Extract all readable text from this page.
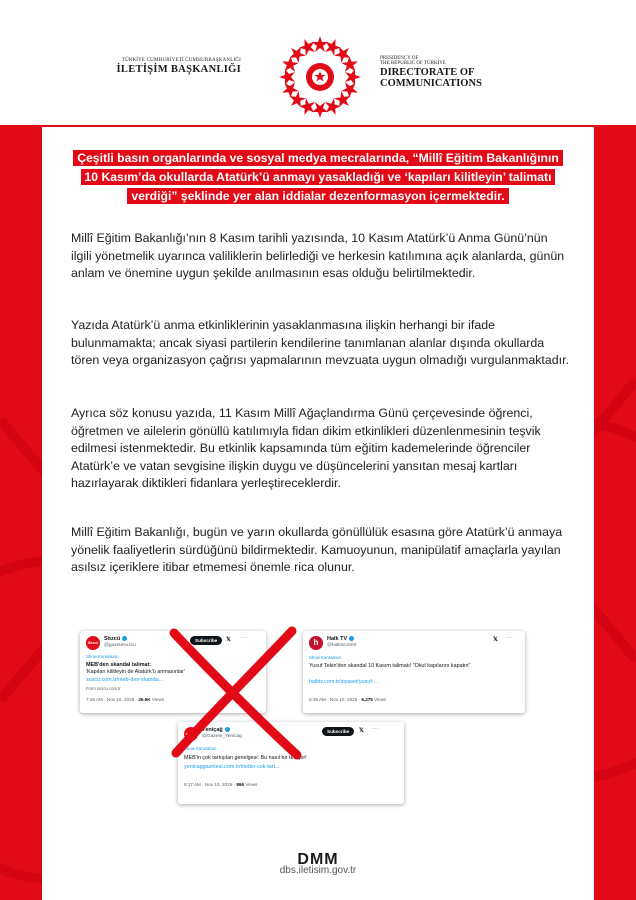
TÜRKİYE CUMHURİYETİ CUMHURBAŞKANLIĞI
İLETİŞİM BAŞKANLIĞI
PRESIDENCY OF
THE REPUBLIC OF TÜRKİYE
DIRECTORATE OF
COMMUNICATIONS
Çeşitli basın organlarında ve sosyal medya mecralarında, “Millî Eğitim Bakanlığının 10 Kasım’da okullarda Atatürk’ü anmayı yasakladığı ve ‘kapıları kilitleyin’ talimatı verdiği” şeklinde yer alan iddialar dezenformasyon içermektedir.
Millî Eğitim Bakanlığı’nın 8 Kasım tarihli yazısında, 10 Kasım Atatürk’ü Anma Günü’nün ilgili yönetmelik uyarınca valiliklerin belirlediği ve herkesin katılımına açık alanlarda, günün anlam ve önemine uygun şekilde anılmasının esas olduğu belirtilmektedir.
Yazıda Atatürk’ü anma etkinliklerinin yasaklanmasına ilişkin herhangi bir ifade bulunmamakta; ancak siyasi partilerin kendilerine tanımlanan alanlar dışında okullarda tören veya organizasyon çağrısı yapmalarının mevzuata uygun olmadığı vurgulanmaktadır.
Ayrıca söz konusu yazıda, 11 Kasım Millî Ağaçlandırma Günü çerçevesinde öğrenci, öğretmen ve ailelerin gönüllü katılımıyla fidan dikim etkinlikleri düzenlenmesinin teşvik edilmesi istenmektedir. Bu etkinlik kapsamında tüm eğitim kademelerinde öğrenciler Atatürk’e ve vatan sevgisine ilişkin duygu ve düşüncelerini yansıtan mesaj kartları hazırlayarak diktikleri fidanlara yerleştireceklerdir.
Millî Eğitim Bakanlığı, bugün ve yarın okullarda gönüllülük esasına göre Atatürk’ü anmaya yönelik faaliyetlerin sürdüğünü bildirmektedir. Kamuoyunun, manipülatif amaçlarla yayılan asılsız içeriklere itibar etmemesi önemle rica olunur.
Sözcü
Sözcü
@gazetesozcu
Subscribe	𝕏 ···
Show translation
MEB'den skandal talimat:
'Kapıları kilitleyin de Atatürk'ü anmasınlar'
sozcu.com.tr/meb-den-skandа...
From sozcu.com.tr
7:25 AM · Nov 10, 2025 · 26.5K Views
h	Halk TV
@halktvcomtr
𝕏 ···
Show translation
Yusuf Tekin'den skandal 10 Kasım talimatı! "Okul kapılarını kapatın"
halktv.com.tr/siyaset/yusuf-...
9:39 AM · Nov 10, 2025 · 6,275 Views
Yeniçağ
Yeniçağ
@Gazete_Yenicag
Subscribe	𝕏 ···
Show translation
MEB'in çok tartışılan genelgesi: Bu nasıl bir telaştır!
yenicaggazetesi.com.tr/mebin-cok-tart...
9:17 AM · Nov 10, 2025 · 866 Views
DMM
dbs.iletisim.gov.tr
